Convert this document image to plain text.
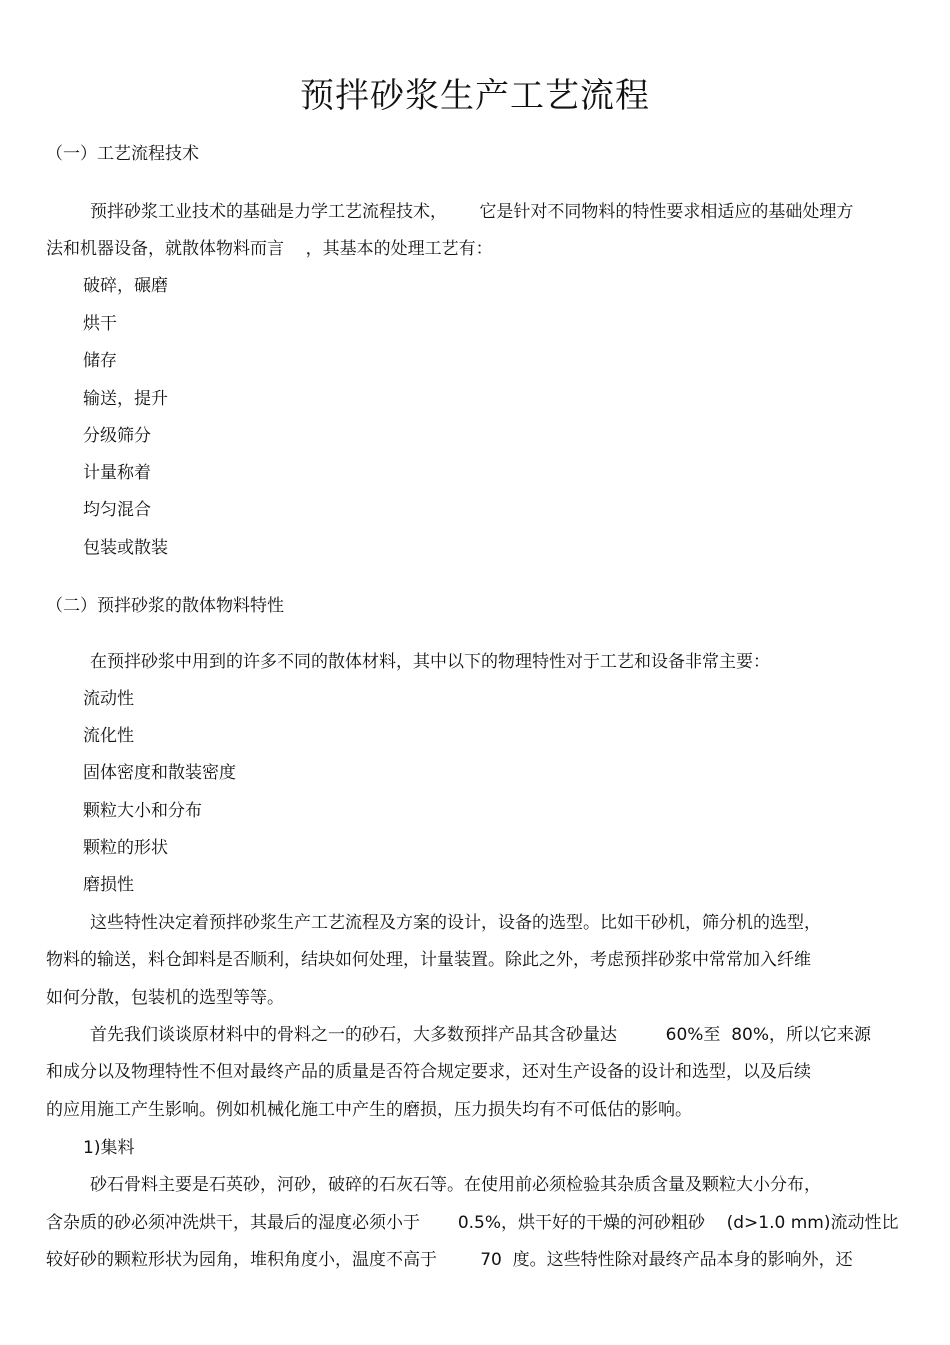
预拌砂浆生产工艺流程
（一）工艺流程技术
预拌砂浆工业技术的基础是力学工艺流程技术，      它是针对不同物料的特性要求相适应的基础处理方
法和机器设备，就散体物料而言    ，其基本的处理工艺有：
破碎，碾磨
烘干
储存
输送，提升
分级筛分
计量称着
均匀混合
包装或散装
（二）预拌砂浆的散体物料特性
在预拌砂浆中用到的许多不同的散体材料，其中以下的物理特性对于工艺和设备非常主要：
流动性
流化性
固体密度和散装密度
颗粒大小和分布
颗粒的形状
磨损性
这些特性决定着预拌砂浆生产工艺流程及方案的设计，设备的选型。比如干砂机，筛分机的选型，
物料的输送，料仓卸料是否顺利，结块如何处理，计量装置。除此之外，考虑预拌砂浆中常常加入纤维
如何分散，包装机的选型等等。
首先我们谈谈原材料中的骨料之一的砂石，大多数预拌产品其含砂量达         60%至  80%，所以它来源
和成分以及物理特性不但对最终产品的质量是否符合规定要求，还对生产设备的设计和选型，以及后续
的应用施工产生影响。例如机械化施工中产生的磨损，压力损失均有不可低估的影响。
1)集料
砂石骨料主要是石英砂，河砂，破碎的石灰石等。在使用前必须检验其杂质含量及颗粒大小分布，
含杂质的砂必须冲洗烘干，其最后的湿度必须小于       0.5%，烘干好的干燥的河砂粗砂    (d>1.0 mm)流动性比
较好砂的颗粒形状为园角，堆积角度小，温度不高于        70  度。这些特性除对最终产品本身的影响外，还
